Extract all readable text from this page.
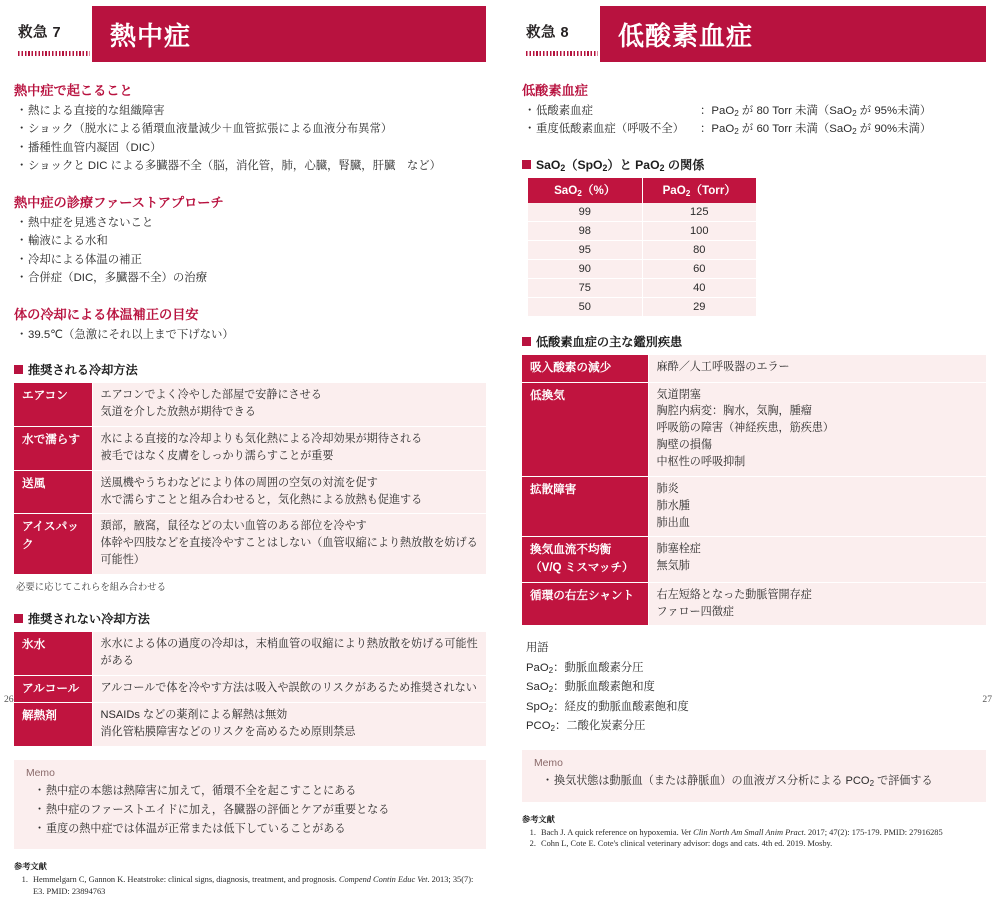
救急 7 熱中症
熱中症で起こること
・ 熱による直接的な組織障害
・ ショック（脱水による循環血液量減少＋血管拡張による血液分布異常）
・ 播種性血管内凝固（DIC）
・ ショックと DIC による多臓器不全（脳，消化管，肺，心臓，腎臓，肝臓　など）
熱中症の診療ファーストアプローチ
・ 熱中症を見逃さないこと
・ 輸液による水和
・ 冷却による体温の補正
・ 合併症（DIC，多臓器不全）の治療
体の冷却による体温補正の目安
・ 39.5℃（急激にそれ以上まで下げない）
推奨される冷却方法
エアコン	エアコンでよく冷やした部屋で安静にさせる
気道を介した放熱が期待できる
水で濡らす	水による直接的な冷却よりも気化熱による冷却効果が期待される
被毛ではなく皮膚をしっかり濡らすことが重要
送風	送風機やうちわなどにより体の周囲の空気の対流を促す
水で濡らすことと組み合わせると，気化熱による放熱も促進する
アイスパック	頚部，腋窩，鼠径などの太い血管のある部位を冷やす
体幹や四肢などを直接冷やすことはしない（血管収縮により熱放散を妨げる可能性）
必要に応じてこれらを組み合わせる
推奨されない冷却方法
氷水	氷水による体の過度の冷却は，末梢血管の収縮により熱放散を妨げる可能性がある
アルコール	アルコールで体を冷やす方法は吸入や誤飲のリスクがあるため推奨されない
解熱剤	NSAIDs などの薬剤による解熱は無効
消化管粘膜障害などのリスクを高めるため原則禁忌
Memo
・ 熱中症の本態は熱障害に加えて，循環不全を起こすことにある
・ 熱中症のファーストエイドに加え，各臓器の評価とケアが重要となる
・ 重度の熱中症では体温が正常または低下していることがある
参考文献
1. Hemmelgarn C, Gannon K. Heatstroke: clinical signs, diagnosis, treatment, and prognosis. Compend Contin Educ Vet. 2013; 35(7): E3. PMID: 23894763
26
救急 8 低酸素血症
低酸素血症
・ 低酸素血症	：PaO$_2$ が 80 Torr 未満（SaO$_2$ が 95%未満）
・ 重度低酸素血症（呼吸不全） ：PaO$_2$ が 60 Torr 未満（SaO$_2$ が 90%未満）
SaO$_2$（SpO$_2$）と PaO$_2$ の関係
SaO$_2$（%）	PaO$_2$（Torr）
99	125
98	100
95	80
90	60
75	40
50	29
低酸素血症の主な鑑別疾患
吸入酸素の減少	麻酔／人工呼吸器のエラー
低換気	気道閉塞
胸腔内病変：胸水，気胸，腫瘤
呼吸筋の障害（神経疾患，筋疾患）
胸壁の損傷
中枢性の呼吸抑制
拡散障害	肺炎
肺水腫
肺出血
換気血流不均衡
（V/Q ミスマッチ）	肺塞栓症
無気肺
循環の右左シャント	右左短絡となった動脈管開存症
ファロー四徴症
用語
PaO$_2$：動脈血酸素分圧
SaO$_2$：動脈血酸素飽和度
SpO$_2$：経皮的動脈血酸素飽和度
$PCO_2$：二酸化炭素分圧
Memo
・ 換気状態は動脈血（または静脈血）の血液ガス分析による $PCO_2$ で評価する
参考文献
1. Bach J. A quick reference on hypoxemia. Vet Clin North Am Small Anim Pract. 2017; 47(2): 175-179. PMID: 27916285
2. Cohn L, Cote E. Cote's clinical veterinary advisor: dogs and cats. 4th ed. 2019. Mosby.
27
